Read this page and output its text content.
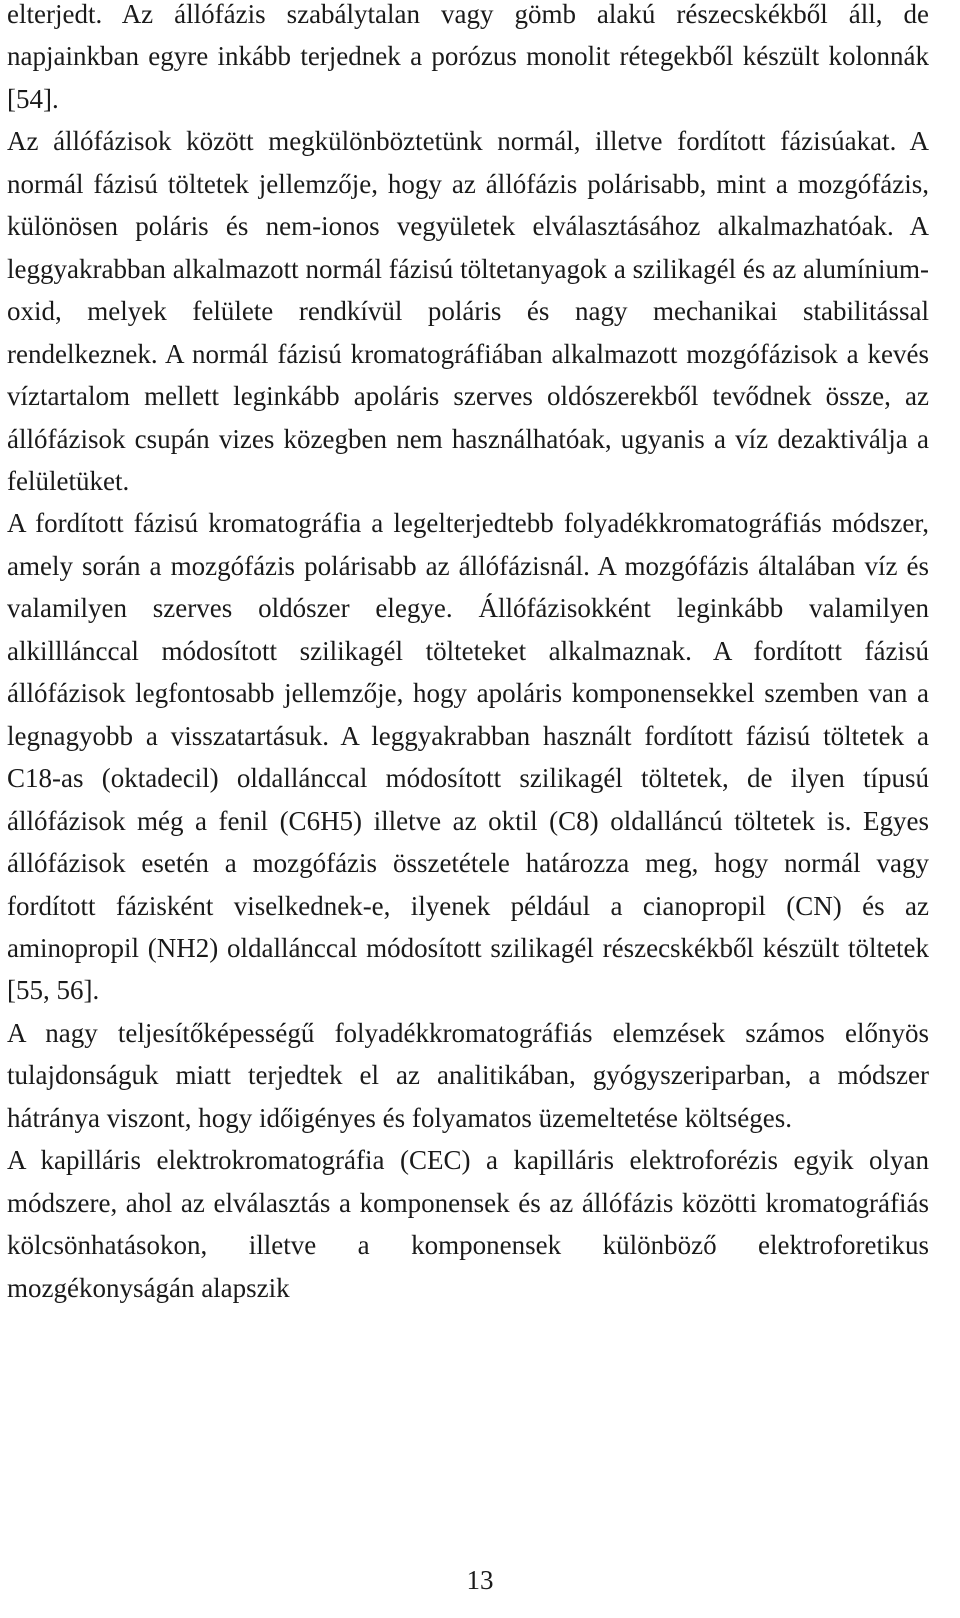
elterjedt. Az állófázis szabálytalan vagy gömb alakú részecskékből áll, de napjainkban egyre inkább terjednek a porózus monolit rétegekből készült kolonnák [54].

Az állófázisok között megkülönböztetünk normál, illetve fordított fázisúakat. A normál fázisú töltetek jellemzője, hogy az állófázis polárisabb, mint a mozgófázis, különösen poláris és nem-ionos vegyületek elválasztásához alkalmazhatóak. A leggyakrabban alkalmazott normál fázisú töltetanyagok a szilikagél és az alumínium-oxid, melyek felülete rendkívül poláris és nagy mechanikai stabilitással rendelkeznek. A normál fázisú kromatográfiában alkalmazott mozgófázisok a kevés víztartalom mellett leginkább apoláris szerves oldószerekből tevődnek össze, az állófázisok csupán vizes közegben nem használhatóak, ugyanis a víz dezaktiválja a felületüket.

A fordított fázisú kromatográfia a legelterjedtebb folyadékkromatográfiás módszer, amely során a mozgófázis polárisabb az állófázisnál. A mozgófázis általában víz és valamilyen szerves oldószer elegye. Állófázisokként leginkább valamilyen alkilllánccal módosított szilikagél tölteteket alkalmaznak. A fordított fázisú állófázisok legfontosabb jellemzője, hogy apoláris komponensekkel szemben van a legnagyobb a visszatartásuk. A leggyakrabban használt fordított fázisú töltetek a C18-as (oktadecil) oldallánccal módosított szilikagél töltetek, de ilyen típusú állófázisok még a fenil (C6H5) illetve az oktil (C8) oldalláncú töltetek is. Egyes állófázisok esetén a mozgófázis összetétele határozza meg, hogy normál vagy fordított fázisként viselkednek-e, ilyenek például a cianopropil (CN) és az aminopropil (NH2) oldallánccal módosított szilikagél részecskékből készült töltetek [55, 56].

A nagy teljesítőképességű folyadékkromatográfiás elemzések számos előnyös tulajdonságuk miatt terjedtek el az analitikában, gyógyszeriparban, a módszer hátránya viszont, hogy időigényes és folyamatos üzemeltetése költséges.

A kapilláris elektrokromatográfia (CEC) a kapilláris elektroforézis egyik olyan módszere, ahol az elválasztás a komponensek és az állófázis közötti kromatográfiás kölcsönhatásokon, illetve a komponensek különböző elektroforetikus mozgékonyságán alapszik

13
